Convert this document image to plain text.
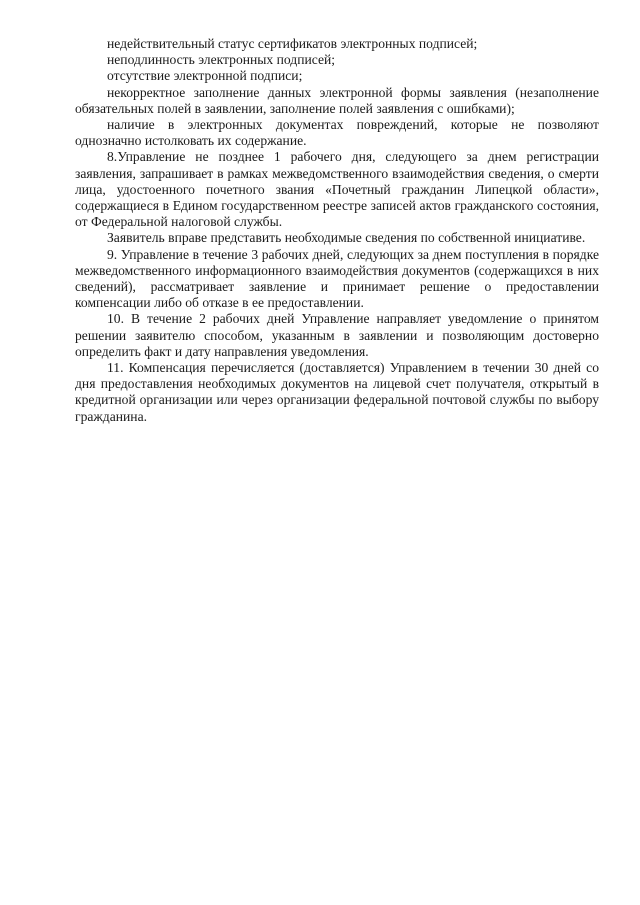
недействительный статус сертификатов электронных подписей;

неподлинность электронных подписей;

отсутствие электронной подписи;

некорректное заполнение данных электронной формы заявления (незаполнение обязательных полей в заявлении, заполнение полей заявления с ошибками);

наличие в электронных документах повреждений, которые не позволяют однозначно истолковать их содержание.

8.Управление не позднее 1 рабочего дня, следующего за днем регистрации заявления, запрашивает в рамках межведомственного взаимодействия сведения, о смерти лица, удостоенного почетного звания «Почетный гражданин Липецкой области», содержащиеся в Едином государственном реестре записей актов гражданского состояния, от Федеральной налоговой службы.

Заявитель вправе представить необходимые сведения по собственной инициативе.

9. Управление в течение 3 рабочих дней, следующих за днем поступления в порядке межведомственного информационного взаимодействия документов (содержащихся в них сведений), рассматривает заявление и принимает решение о предоставлении компенсации либо об отказе в ее предоставлении.

10. В течение 2 рабочих дней Управление направляет уведомление о принятом решении заявителю способом, указанным в заявлении и позволяющим достоверно определить факт и дату направления уведомления.

11. Компенсация перечисляется (доставляется) Управлением в течении 30 дней со дня предоставления необходимых документов на лицевой счет получателя, открытый в кредитной организации или через организации федеральной почтовой службы по выбору гражданина.
